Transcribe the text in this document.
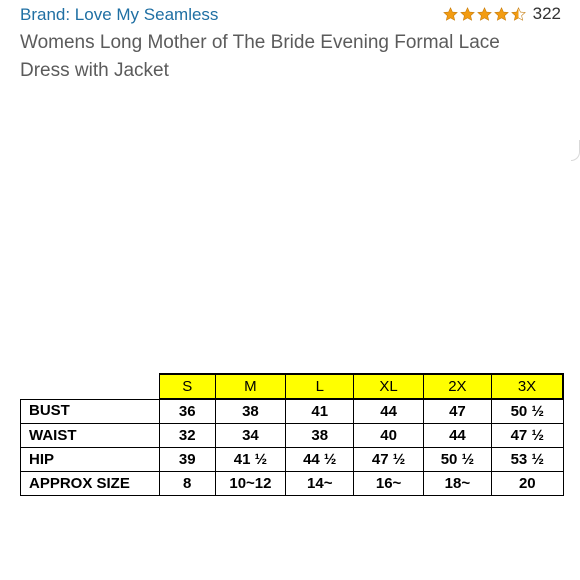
Brand: Love My Seamless	322
Womens Long Mother of The Bride Evening Formal Lace Dress with Jacket
	S	M	L	XL	2X	3X
BUST	36	38	41	44	47	50 ½
WAIST	32	34	38	40	44	47 ½
HIP	39	41 ½	44 ½	47 ½	50 ½	53 ½
APPROX SIZE	8	10~12	14~	16~	18~	20
